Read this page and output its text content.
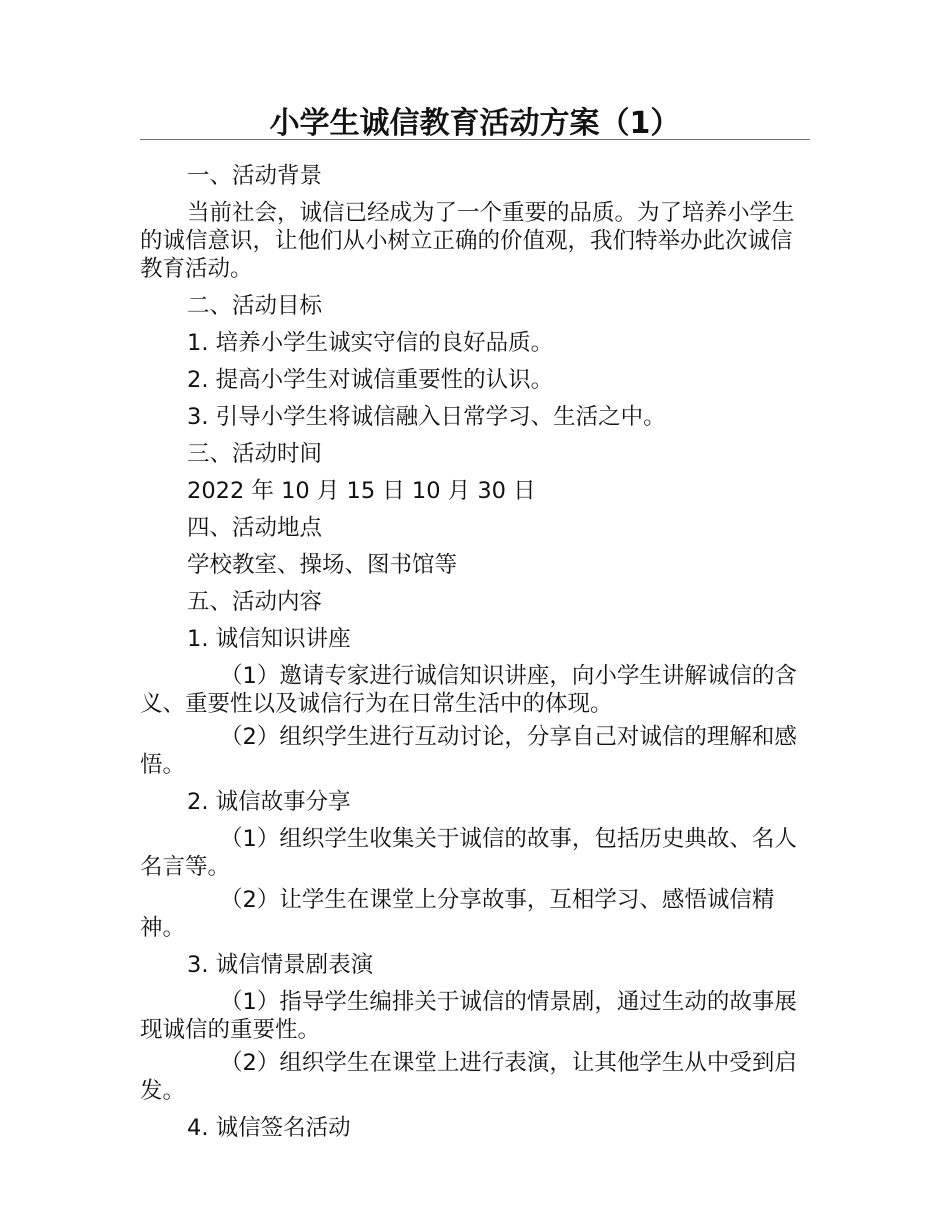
小学生诚信教育活动方案（1）

一、活动背景

当前社会，诚信已经成为了一个重要的品质。为了培养小学生的诚信意识，让他们从小树立正确的价值观，我们特举办此次诚信教育活动。

二、活动目标

1. 培养小学生诚实守信的良好品质。

2. 提高小学生对诚信重要性的认识。

3. 引导小学生将诚信融入日常学习、生活之中。

三、活动时间

2022 年 10 月 15 日 10 月 30 日

四、活动地点

学校教室、操场、图书馆等

五、活动内容

1. 诚信知识讲座

（1）邀请专家进行诚信知识讲座，向小学生讲解诚信的含义、重要性以及诚信行为在日常生活中的体现。

（2）组织学生进行互动讨论，分享自己对诚信的理解和感悟。

2. 诚信故事分享

（1）组织学生收集关于诚信的故事，包括历史典故、名人名言等。

（2）让学生在课堂上分享故事，互相学习、感悟诚信精神。

3. 诚信情景剧表演

（1）指导学生编排关于诚信的情景剧，通过生动的故事展现诚信的重要性。

（2）组织学生在课堂上进行表演，让其他学生从中受到启发。

4. 诚信签名活动
